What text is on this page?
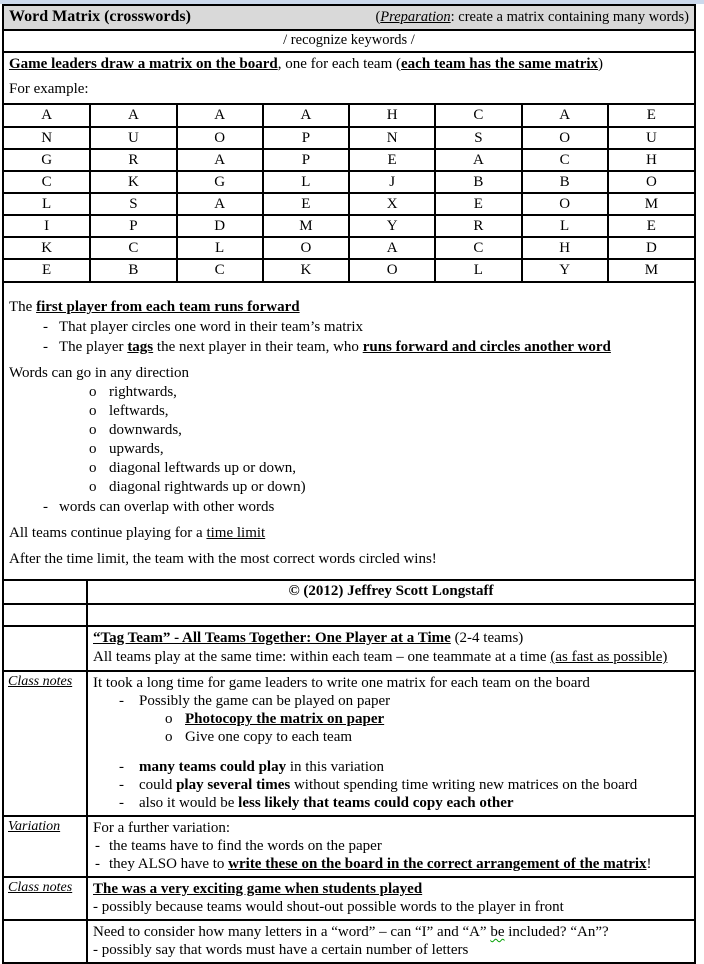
Word Matrix (crosswords)	(Preparation: create a matrix containing many words)
/ recognize keywords /

Game leaders draw a matrix on the board, one for each team (each team has the same matrix)

For example:

A	A	A	A	H	C	A	E
N	U	O	P	N	S	O	U
G	R	A	P	E	A	C	H
C	K	G	L	J	B	B	O
L	S	A	E	X	E	O	M
I	P	D	M	Y	R	L	E
K	C	L	O	A	C	H	D
E	B	C	K	O	L	Y	M
The first player from each team runs forward
- That player circles one word in their team’s matrix
- The player tags the next player in their team, who runs forward and circles another word
Words can go in any direction
o rightwards,
o leftwards,
o downwards,
o upwards,
o diagonal leftwards up or down,
o diagonal rightwards up or down)
- words can overlap with other words
All teams continue playing for a time limit
After the time limit, the team with the most correct words circled wins!
© (2012) Jeffrey Scott Longstaff
“Tag Team” - All Teams Together: One Player at a Time (2-4 teams)
All teams play at the same time: within each team – one teammate at a time (as fast as possible)
Class notes	It took a long time for game leaders to write one matrix for each team on the board
- Possibly the game can be played on paper
o Photocopy the matrix on paper
o Give one copy to each team
- many teams could play in this variation
- could play several times without spending time writing new matrices on the board
- also it would be less likely that teams could copy each other
Variation	For a further variation:
- the teams have to find the words on the paper
- they ALSO have to write these on the board in the correct arrangement of the matrix!
Class notes	The was a very exciting game when students played
- possibly because teams would shout-out possible words to the player in front
Need to consider how many letters in a “word” – can “I” and “A” be included? “An”?
- possibly say that words must have a certain number of letters
